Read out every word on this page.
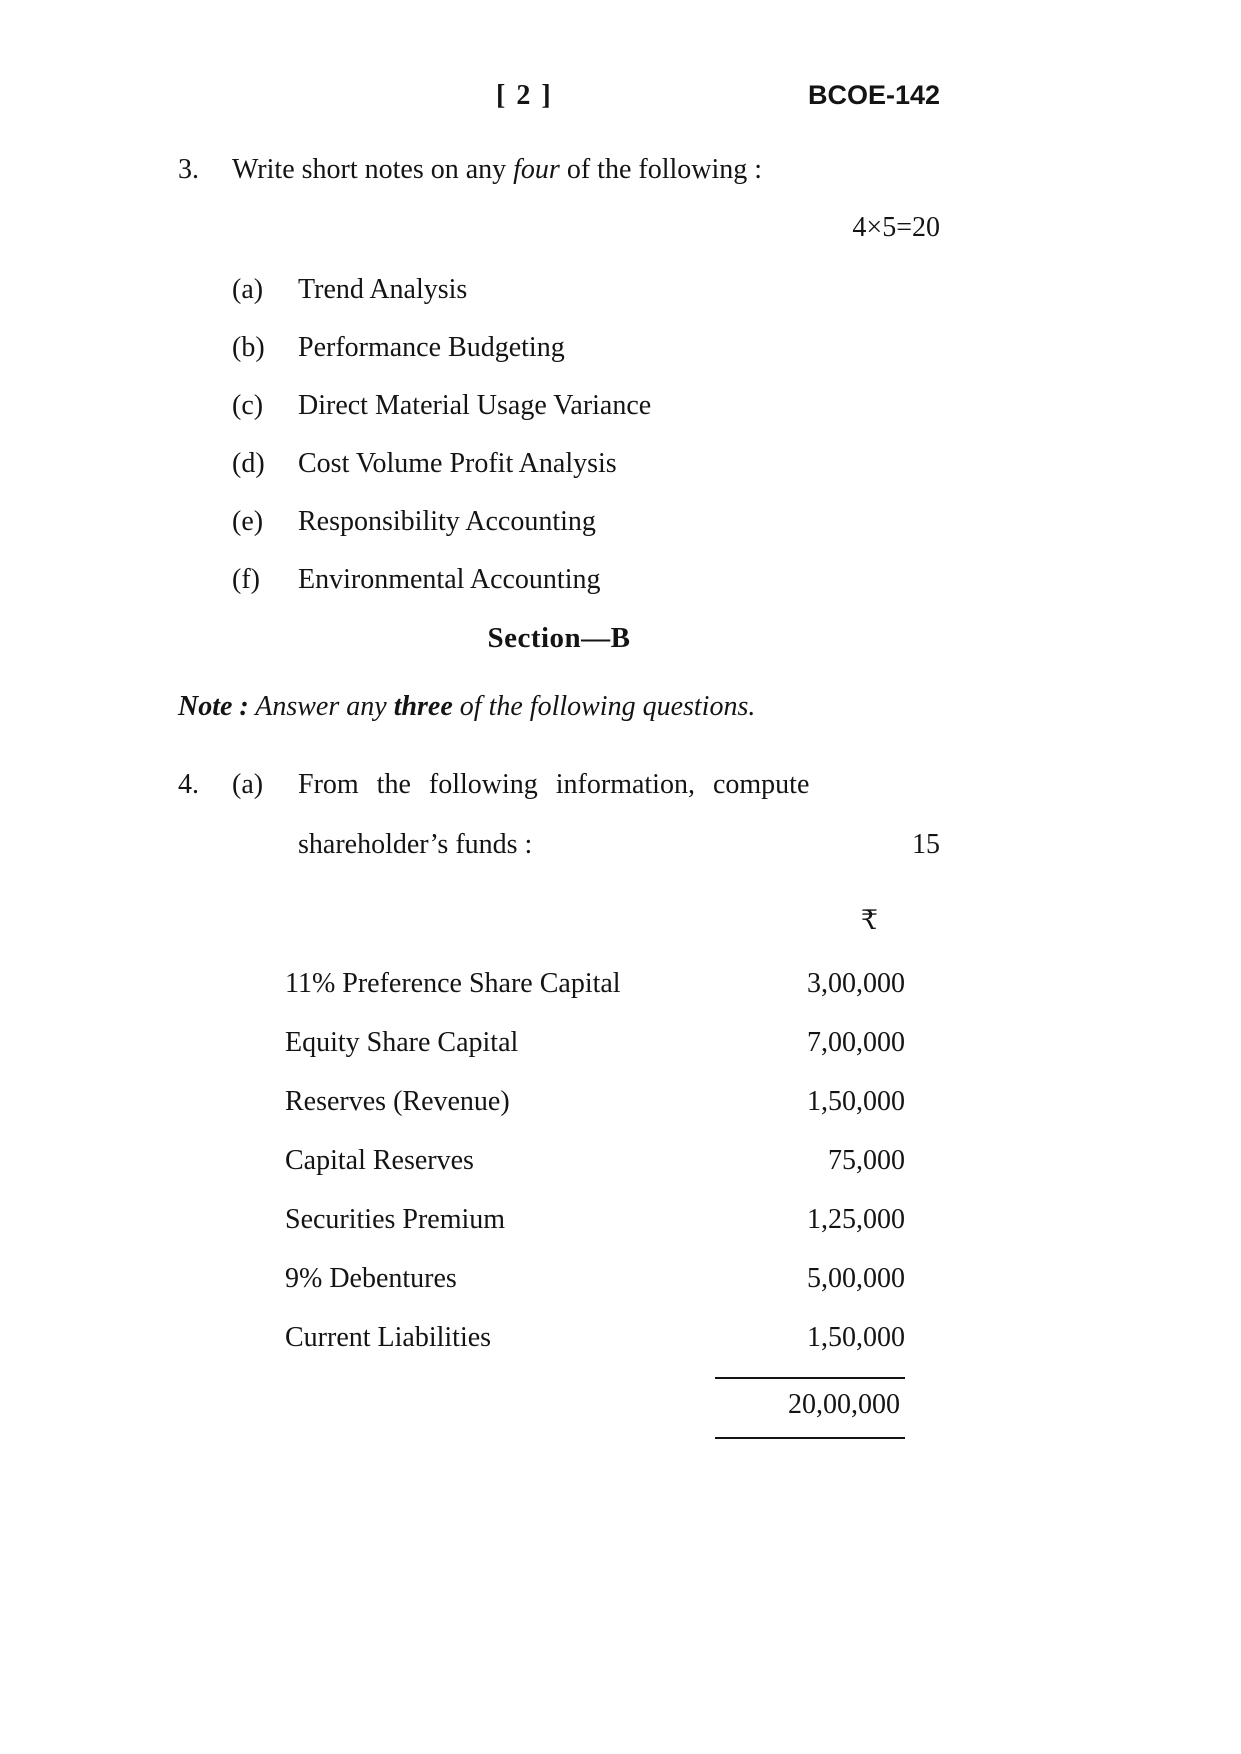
[ 2 ]	BCOE-142
3.	Write short notes on any four of the following :
4×5=20
(a)	Trend Analysis
(b)	Performance Budgeting
(c)	Direct Material Usage Variance
(d)	Cost Volume Profit Analysis
(e)	Responsibility Accounting
(f)	Environmental Accounting
Section—B
Note : Answer any three of the following questions.
4.	(a)	From the following information, compute
shareholder’s funds :	15
₹
11% Preference Share Capital	3,00,000
Equity Share Capital	7,00,000
Reserves (Revenue)	1,50,000
Capital Reserves	75,000
Securities Premium	1,25,000
9% Debentures	5,00,000
Current Liabilities	1,50,000
20,00,000
